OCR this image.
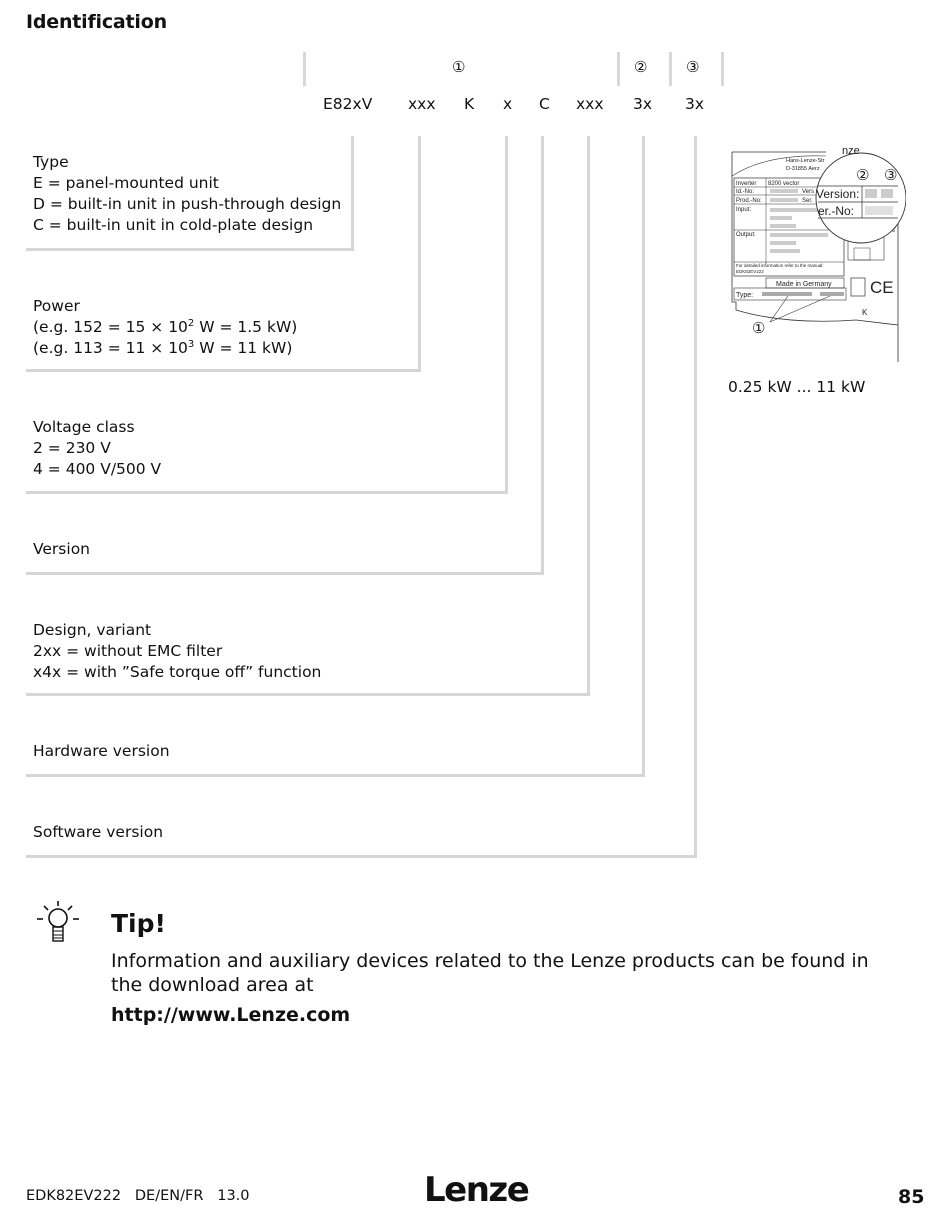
Identification
①	②	③
E82xV xxx K x C xxx 3x 3x
Type
E = panel-mounted unit
D = built-in unit in push-through design
C = built-in unit in cold-plate design
Power
(e.g. $152 = 15 \times 10^2$ W = 1.5 kW)
(e.g. $113 = 11 \times 10^3$ W = 11 kW)
Voltage class
2 = 230 V
4 = 400 V/500 V
Version
Design, variant
2xx = without EMC filter
x4x = with ”Safe torque off” function
Hardware version
Software version
Hans-Lenze-Str
D-31855 Aerz
Inverter 8200 vector
Id.-No:	Vers
Prod.-No:	Ser.
Input:
Output:
For detailed information refer to the manual:
EDK82EV222
Made in Germany
Type:	CE
K
nze
Version:
er.-No:
② ③
①
0.25 kW ... 11 kW
Tip!
Information and auxiliary devices related to the Lenze products can be found in the download area at
http://www.Lenze.com
EDK82EV222   DE/EN/FR   13.0	Lenze	85
